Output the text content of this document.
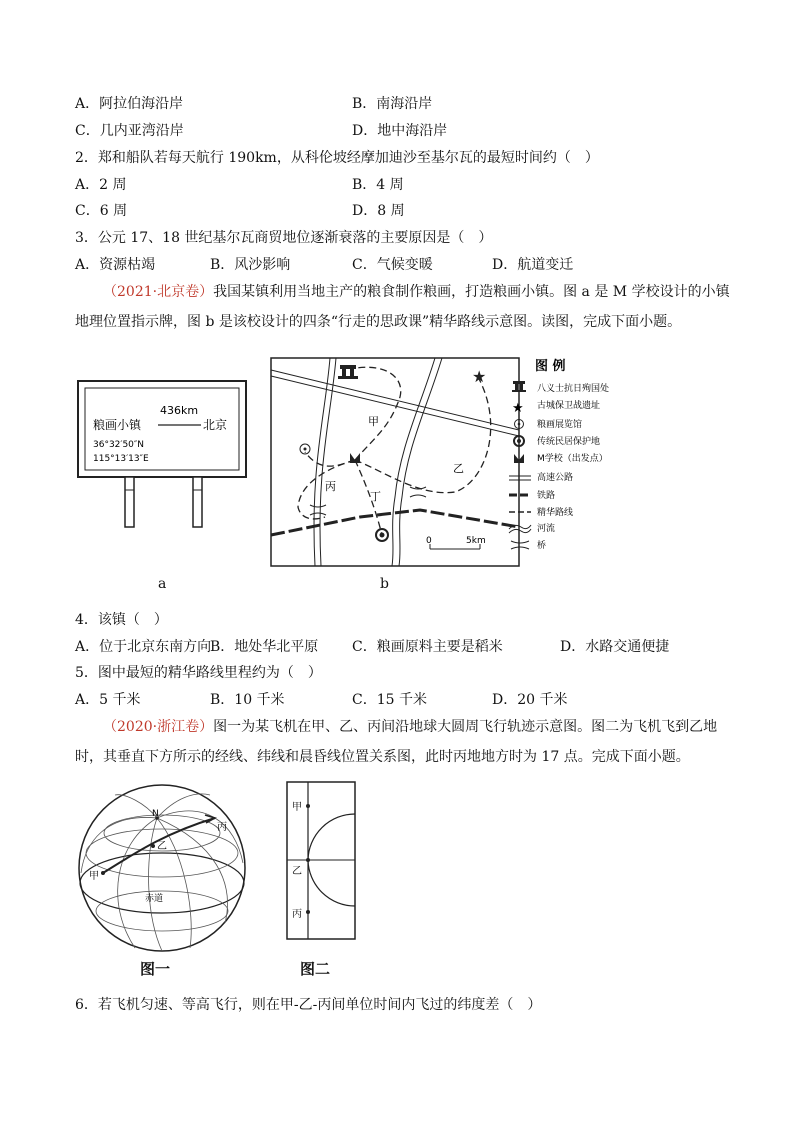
A．阿拉伯海沿岸	B．南海沿岸
C．几内亚湾沿岸	D．地中海沿岸
2．郑和船队若每天航行 190km，从科伦坡经摩加迪沙至基尔瓦的最短时间约（　）
A．2 周	B．4 周
C．6 周	D．8 周
3．公元 17、18 世纪基尔瓦商贸地位逐渐衰落的主要原因是（　）
A．资源枯竭	B．风沙影响	C．气候变暖	D．航道变迁
（2021·北京卷）我国某镇利用当地主产的粮食制作粮画，打造粮画小镇。图 a 是 M 学校设计的小镇地理位置指示牌，图 b 是该校设计的四条“行走的思政课”精华路线示意图。读图，完成下面小题。
粮画小镇
436km
北京
36°32′50″N
115°13′13″E
a
★
甲
乙
丙
丁
0	5km
b
图 例
★
八义士抗日殉国处
古城保卫战遗址
粮画展览馆
传统民居保护地
M学校（出发点）
高速公路
铁路
精华路线
河流
桥
4．该镇（　）
A．位于北京东南方向
B．地处华北平原 C．粮画原料主要是稻米	D．水路交通便捷
5．图中最短的精华路线里程约为（　）
A．5 千米	B．10 千米	C．15 千米	D．20 千米
（2020·浙江卷）图一为某飞机在甲、乙、丙间沿地球大圆周飞行轨迹示意图。图二为飞机飞到乙地时，其垂直下方所示的经线、纬线和晨昏线位置关系图，此时丙地地方时为 17 点。完成下面小题。
N
甲
乙
丙
赤道
图一
甲
乙
丙
图二
6．若飞机匀速、等高飞行，则在甲-乙-丙间单位时间内飞过的纬度差（　）
